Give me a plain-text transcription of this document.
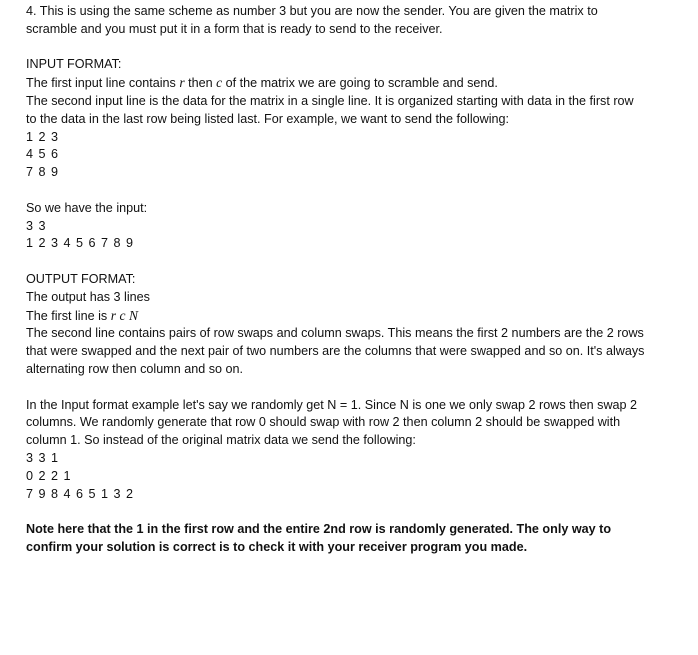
4. This is using the same scheme as number 3 but you are now the sender. You are given the matrix to
scramble and you must put it in a form that is ready to send to the receiver.
INPUT FORMAT:
The first input line contains r then c of the matrix we are going to scramble and send.
The second input line is the data for the matrix in a single line. It is organized starting with data in the first row
to the data in the last row being listed last. For example, we want to send the following:
1 2 3
4 5 6
7 8 9
So we have the input:
3 3
1 2 3 4 5 6 7 8 9
OUTPUT FORMAT:
The output has 3 lines
The first line is r c N
The second line contains pairs of row swaps and column swaps. This means the first 2 numbers are the 2 rows
that were swapped and the next pair of two numbers are the columns that were swapped and so on. It's always
alternating row then column and so on.
In the Input format example let's say we randomly get N = 1. Since N is one we only swap 2 rows then swap 2
columns. We randomly generate that row 0 should swap with row 2 then column 2 should be swapped with
column 1. So instead of the original matrix data we send the following:
3 3 1
0 2 2 1
7 9 8 4 6 5 1 3 2
Note here that the 1 in the first row and the entire 2nd row is randomly generated. The only way to
confirm your solution is correct is to check it with your receiver program you made.
